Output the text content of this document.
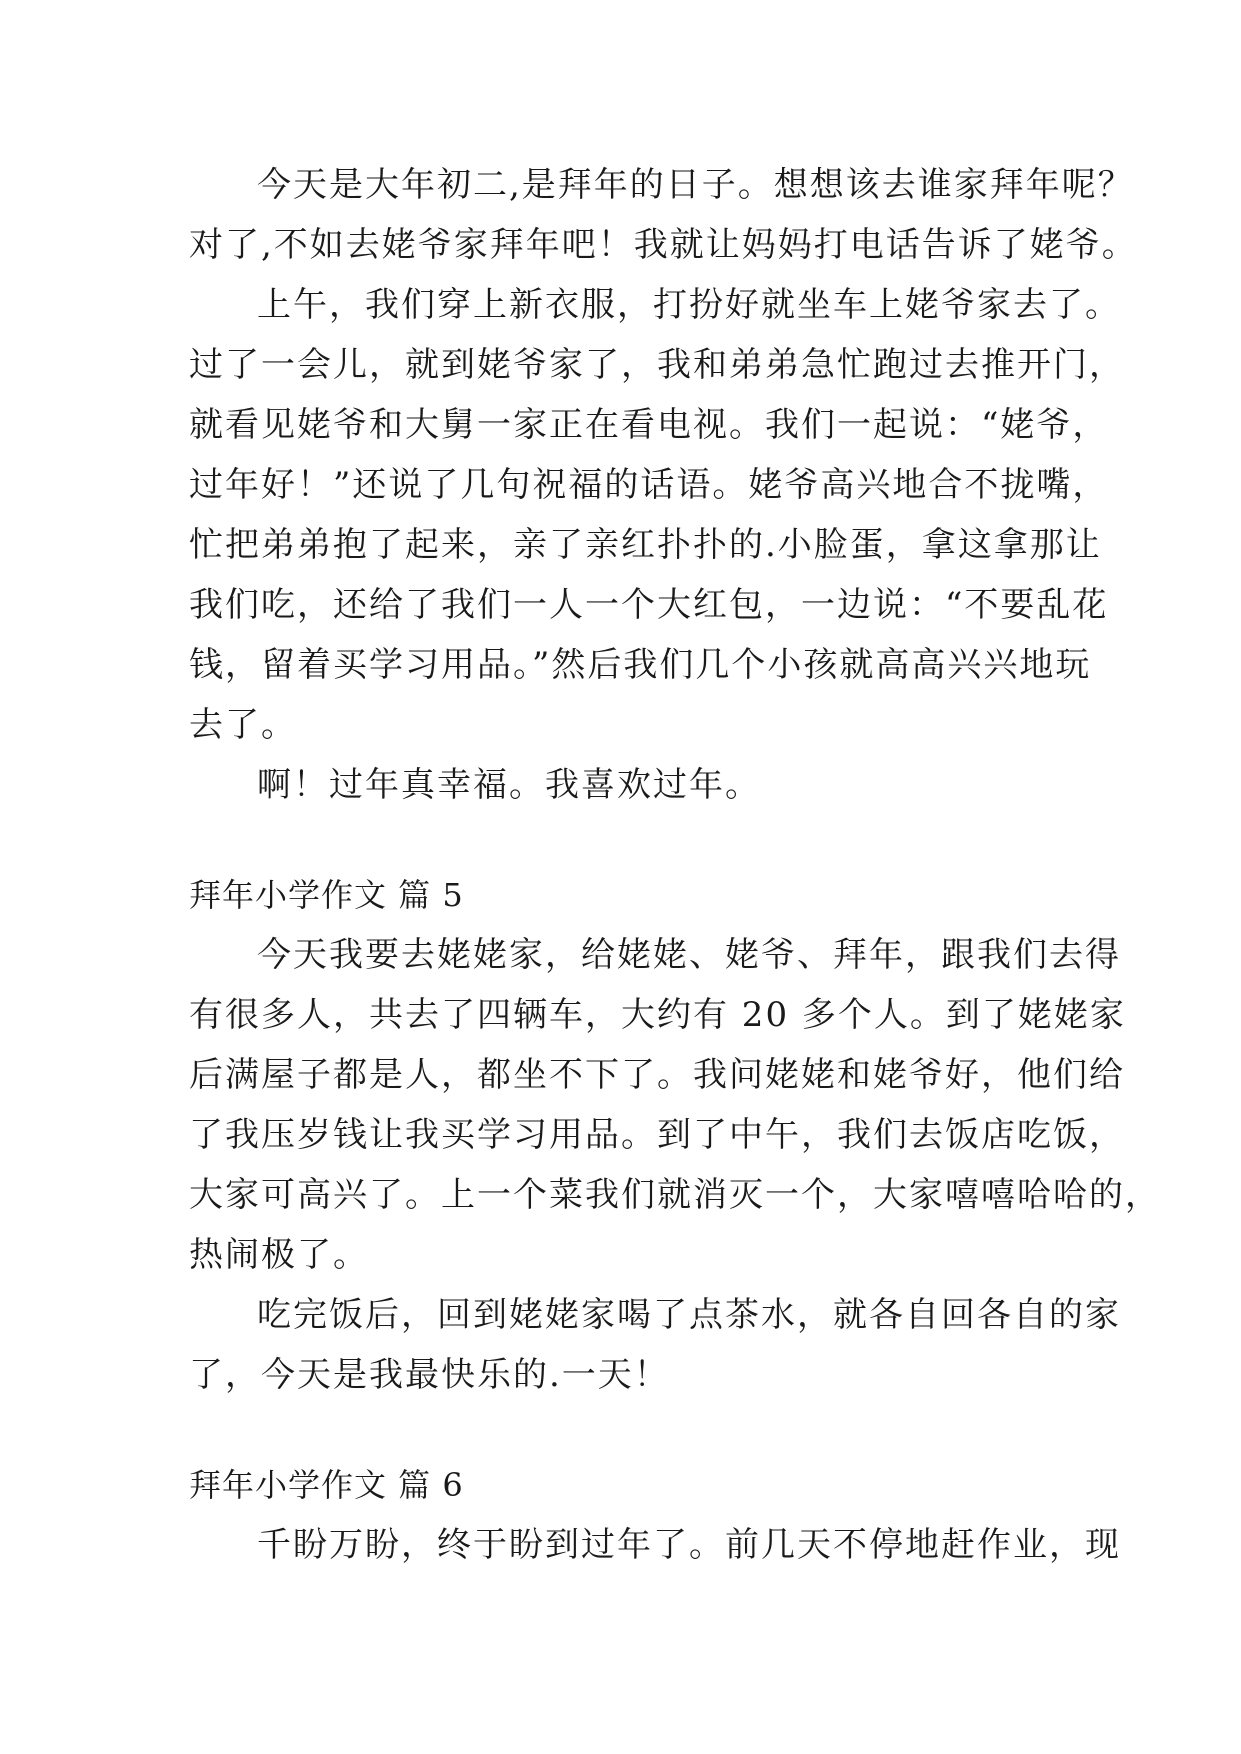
今天是大年初二,是拜年的日子。想想该去谁家拜年呢？
对了,不如去姥爷家拜年吧！我就让妈妈打电话告诉了姥爷。
上午，我们穿上新衣服，打扮好就坐车上姥爷家去了。
过了一会儿，就到姥爷家了，我和弟弟急忙跑过去推开门，
就看见姥爷和大舅一家正在看电视。我们一起说：“姥爷，
过年好！”还说了几句祝福的话语。姥爷高兴地合不拢嘴，
忙把弟弟抱了起来，亲了亲红扑扑的.小脸蛋，拿这拿那让
我们吃，还给了我们一人一个大红包，一边说：“不要乱花
钱，留着买学习用品。”然后我们几个小孩就高高兴兴地玩
去了。
啊！过年真幸福。我喜欢过年。
拜年小学作文 篇 5
今天我要去姥姥家，给姥姥、姥爷、拜年，跟我们去得
有很多人，共去了四辆车，大约有 20 多个人。到了姥姥家
后满屋子都是人，都坐不下了。我问姥姥和姥爷好，他们给
了我压岁钱让我买学习用品。到了中午，我们去饭店吃饭，
大家可高兴了。上一个菜我们就消灭一个，大家嘻嘻哈哈的，
热闹极了。
吃完饭后，回到姥姥家喝了点茶水，就各自回各自的家
了，今天是我最快乐的.一天！
拜年小学作文 篇 6
千盼万盼，终于盼到过年了。前几天不停地赶作业，现
